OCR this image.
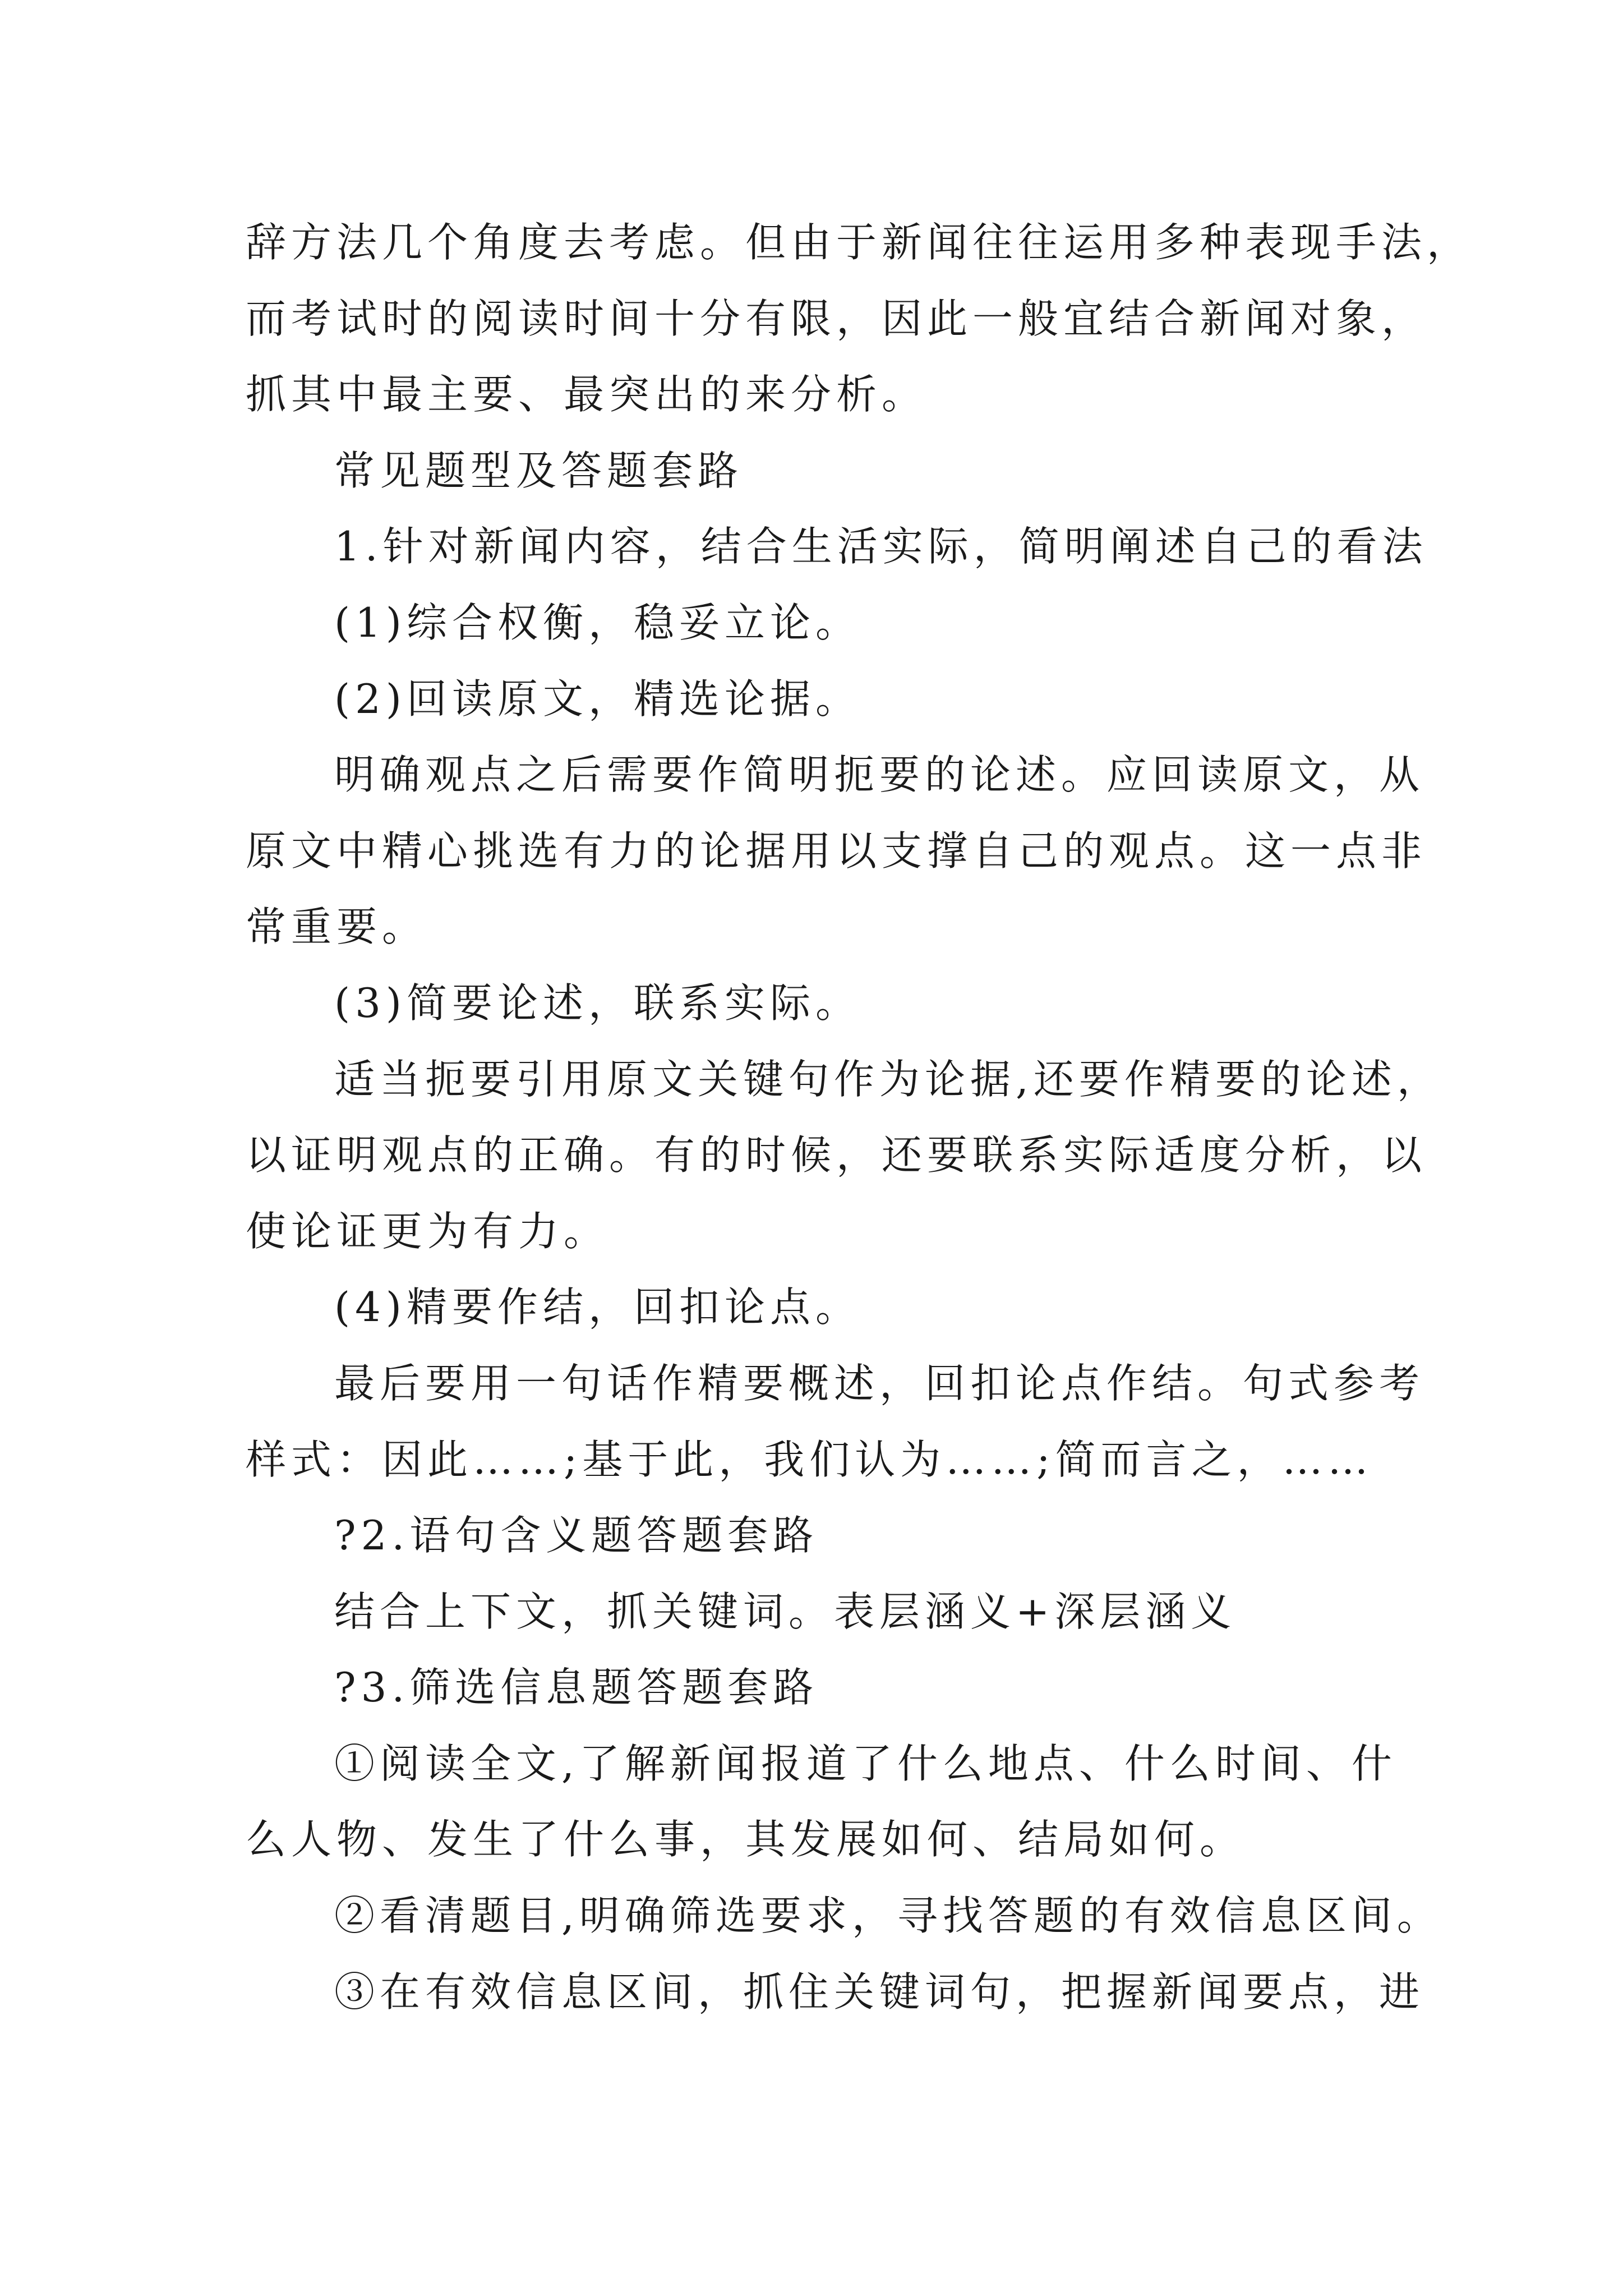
辞方法几个角度去考虑。但由于新闻往往运用多种表现手法，
而考试时的阅读时间十分有限，因此一般宜结合新闻对象，
抓其中最主要、最突出的来分析。
常见题型及答题套路
1.针对新闻内容，结合生活实际，简明阐述自己的看法
(1)综合权衡，稳妥立论。
(2)回读原文，精选论据。
明确观点之后需要作简明扼要的论述。应回读原文，从
原文中精心挑选有力的论据用以支撑自己的观点。这一点非
常重要。
(3)简要论述，联系实际。
适当扼要引用原文关键句作为论据,还要作精要的论述，
以证明观点的正确。有的时候，还要联系实际适度分析，以
使论证更为有力。
(4)精要作结，回扣论点。
最后要用一句话作精要概述，回扣论点作结。句式参考
样式：因此……;基于此，我们认为……;简而言之，……
?2.语句含义题答题套路
结合上下文，抓关键词。表层涵义+深层涵义
?3.筛选信息题答题套路
①阅读全文,了解新闻报道了什么地点、什么时间、什
么人物、发生了什么事，其发展如何、结局如何。
②看清题目,明确筛选要求，寻找答题的有效信息区间。
③在有效信息区间，抓住关键词句，把握新闻要点，进
